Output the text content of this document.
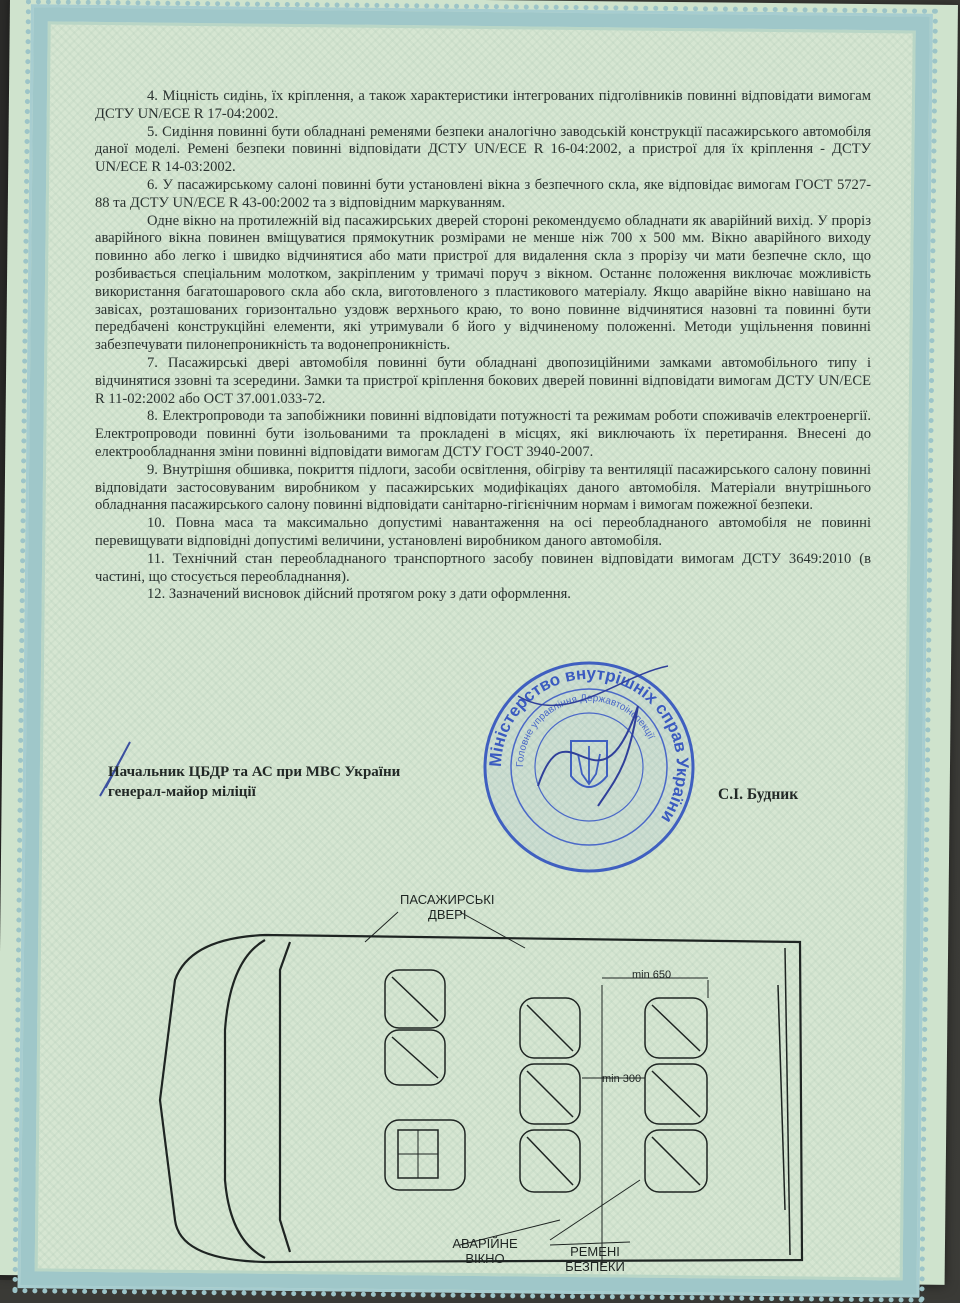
4. Міцність сидінь, їх кріплення, а також характеристики інтегрованих підголівників повинні відповідати вимогам ДСТУ UN/ECE R 17-04:2002.

5. Сидіння повинні бути обладнані ременями безпеки аналогічно заводській конструкції пасажирського автомобіля даної моделі. Ремені безпеки повинні відповідати ДСТУ UN/ECE R 16-04:2002, а пристрої для їх кріплення - ДСТУ UN/ECE R 14-03:2002.

6. У пасажирському салоні повинні бути установлені вікна з безпечного скла, яке відповідає вимогам ГОСТ 5727-88 та ДСТУ UN/ECE R 43-00:2002 та з відповідним маркуванням.

Одне вікно на протилежній від пасажирських дверей стороні рекомендуємо обладнати як аварійний вихід. У проріз аварійного вікна повинен вміщуватися прямокутник розмірами не менше ніж 700 х 500 мм. Вікно аварійного виходу повинно або легко і швидко відчинятися або мати пристрої для видалення скла з прорізу чи мати безпечне скло, що розбивається спеціальним молотком, закріпленим у тримачі поруч з вікном. Останнє положення виключає можливість використання багатошарового скла або скла, виготовленого з пластикового матеріалу. Якщо аварійне вікно навішано на завісах, розташованих горизонтально уздовж верхнього краю, то воно повинне відчинятися назовні та повинні бути передбачені конструкційні елементи, які утримували б його у відчиненому положенні. Методи ущільнення повинні забезпечувати пилонепроникність та водонепроникність.

7. Пасажирські двері автомобіля повинні бути обладнані двопозиційними замками автомобільного типу і відчинятися ззовні та зсередини. Замки та пристрої кріплення бокових дверей повинні відповідати вимогам ДСТУ UN/ECE R 11-02:2002 або ОСТ 37.001.033-72.

8. Електропроводи та запобіжники повинні відповідати потужності та режимам роботи споживачів електроенергії. Електропроводи повинні бути ізольованими та прокладені в місцях, які виключають їх перетирання. Внесені до електрообладнання зміни повинні відповідати вимогам ДСТУ ГОСТ 3940-2007.

9. Внутрішня обшивка, покриття підлоги, засоби освітлення, обігріву та вентиляції пасажирського салону повинні відповідати застосовуваним виробником у пасажирських модифікаціях даного автомобіля. Матеріали внутрішнього обладнання пасажирського салону повинні відповідати санітарно-гігієнічним нормам і вимогам пожежної безпеки.

10. Повна маса та максимально допустимі навантаження на осі переобладнаного автомобіля не повинні перевищувати відповідні допустимі величини, установлені виробником даного автомобіля.

11. Технічний стан переобладнаного транспортного засобу повинен відповідати вимогам ДСТУ 3649:2010 (в частині, що стосується переобладнання).

12. Зазначений висновок дійсний протягом року з дати оформлення.

Начальник ЦБДР та АС при МВС України
генерал-майор міліції	С.І. Будник
Міністерство внутрішніх справ України
Головне управління Державтоінспекції
ПАСАЖИРСЬКІ
ДВЕРІ
min 650
min 300
АВАРІЙНЕ
ВІКНО	РЕМЕНІ
БЕЗПЕКИ
